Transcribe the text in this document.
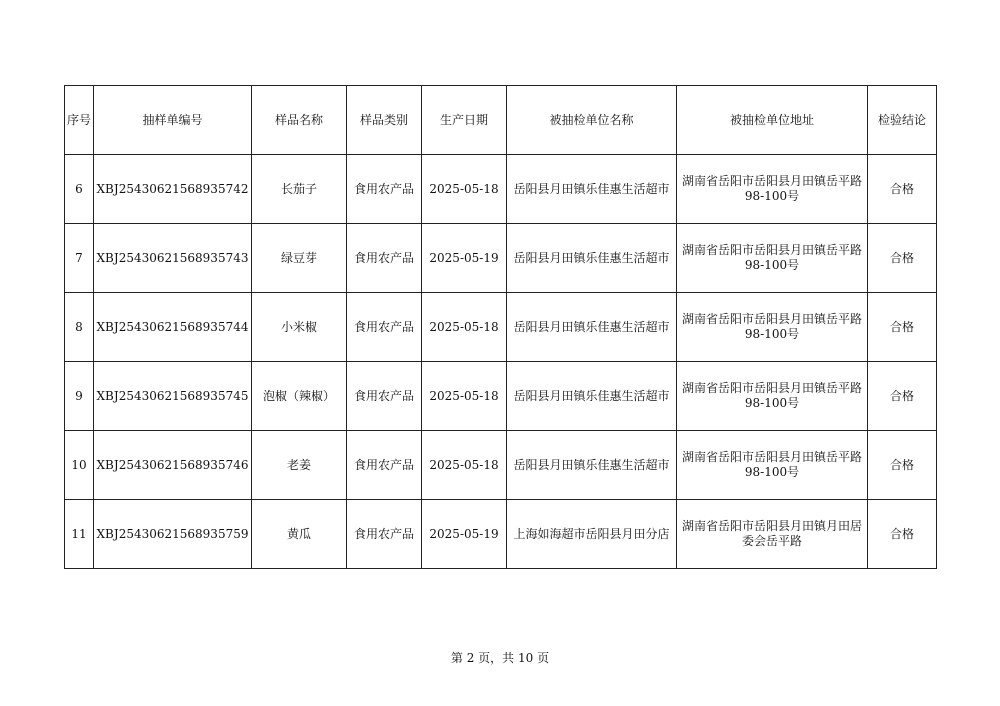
序号	抽样单编号	样品名称	样品类别	生产日期	被抽检单位名称	被抽检单位地址	检验结论
6	XBJ25430621568935742	长茄子	食用农产品	2025-05-18	岳阳县月田镇乐佳惠生活超市	湖南省岳阳市岳阳县月田镇岳平路98-100号	合格
7	XBJ25430621568935743	绿豆芽	食用农产品	2025-05-19	岳阳县月田镇乐佳惠生活超市	湖南省岳阳市岳阳县月田镇岳平路98-100号	合格
8	XBJ25430621568935744	小米椒	食用农产品	2025-05-18	岳阳县月田镇乐佳惠生活超市	湖南省岳阳市岳阳县月田镇岳平路98-100号	合格
9	XBJ25430621568935745	泡椒（辣椒）	食用农产品	2025-05-18	岳阳县月田镇乐佳惠生活超市	湖南省岳阳市岳阳县月田镇岳平路98-100号	合格
10	XBJ25430621568935746	老姜	食用农产品	2025-05-18	岳阳县月田镇乐佳惠生活超市	湖南省岳阳市岳阳县月田镇岳平路98-100号	合格
11	XBJ25430621568935759	黄瓜	食用农产品	2025-05-19	上海如海超市岳阳县月田分店	湖南省岳阳市岳阳县月田镇月田居委会岳平路	合格
第 2 页，共 10 页
